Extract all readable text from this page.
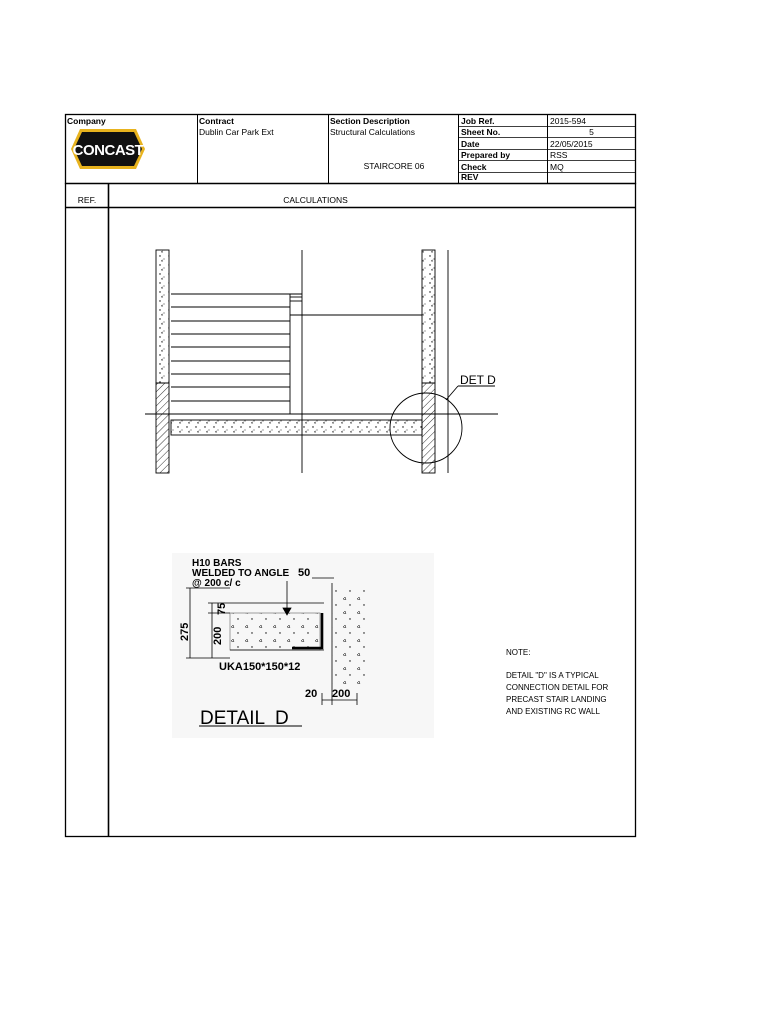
Company
CONCAST
Contract
Dublin Car Park Ext
Section Description
Structural Calculations
STAIRCORE 06
Job Ref.	2015-594
Sheet No.	5
Date	22/05/2015
Prepared by	RSS
Check	MQ
REV
REF.	CALCULATIONS
DET D
H10 BARS
WELDED TO ANGLE
@ 200 c/ c
50
75
200
275
UKA150*150*12
20 200
DETAIL  D
NOTE:
DETAIL "D" IS A TYPICAL
CONNECTION DETAIL FOR
PRECAST STAIR LANDING
AND EXISTING RC WALL
